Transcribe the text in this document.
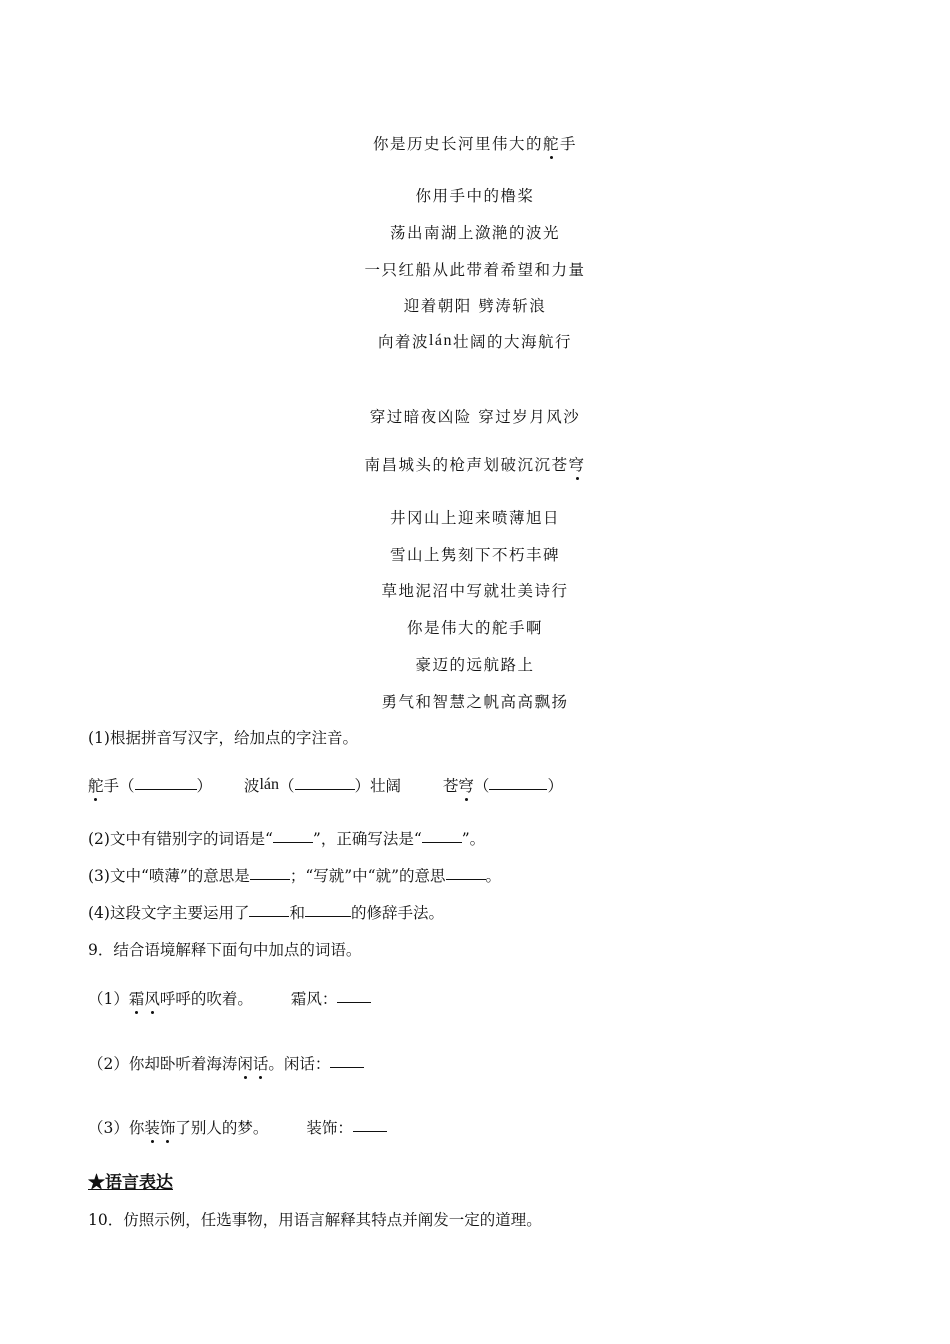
你是历史长河里伟大的舵手
你用手中的橹桨
荡出南湖上潋滟的波光
一只红船从此带着希望和力量
迎着朝阳 劈涛斩浪
向着波lán壮阔的大海航行
穿过暗夜凶险 穿过岁月风沙
南昌城头的枪声划破沉沉苍穹
井冈山上迎来喷薄旭日
雪山上隽刻下不朽丰碑
草地泥沼中写就壮美诗行
你是伟大的舵手啊
豪迈的远航路上
勇气和智慧之帆高高飘扬
(1)根据拼音写汉字，给加点的字注音。
舵手（	） 波lán（	）壮阔	苍穹（	）
(2)文中有错别字的词语是“	”，正确写法是“	”。
(3)文中“喷薄”的意思是	；“写就”中“就”的意思	。
(4)这段文字主要运用了	和	的修辞手法。
9．结合语境解释下面句中加点的词语。
（1）霜风呼呼的吹着。 霜风：
（2）你却卧听着海涛闲话。闲话：
（3）你装饰了别人的梦。 装饰：
★语言表达
10．仿照示例，任选事物，用语言解释其特点并阐发一定的道理。
